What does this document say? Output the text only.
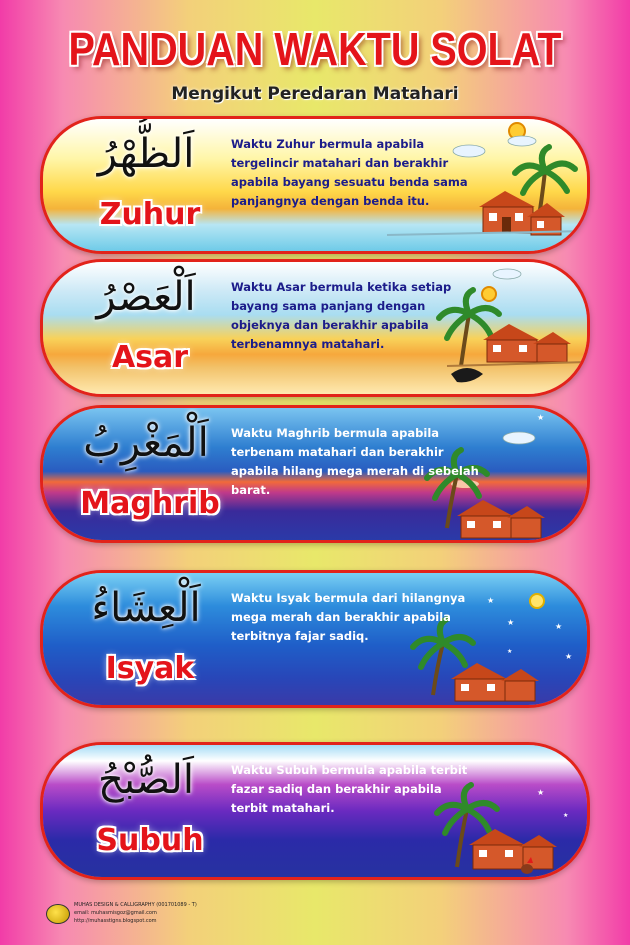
PANDUAN WAKTU SOLAT
Mengikut Peredaran Matahari
اَلظُّهْرُ
Zuhur
Waktu Zuhur bermula apabila tergelincir matahari dan berakhir apabila bayang sesuatu benda sama panjangnya dengan benda itu.
اَلْعَصْرُ
Asar
Waktu Asar bermula ketika setiap bayang sama panjang dengan objeknya dan berakhir apabila terbenamnya matahari.
★
اَلْمَغْرِبُ
Maghrib
Waktu Maghrib bermula apabila terbenam matahari dan berakhir apabila hilang mega merah di sebelah barat.
★
★	★
★
★
اَلْعِشَاءُ
Isyak
Waktu Isyak bermula dari hilangnya mega merah dan berakhir apabila terbitnya fajar sadiq.
★
★
اَلصُّبْحُ
Subuh
Waktu Subuh bermula apabila terbit fazar sadiq dan berakhir apabila terbit matahari.
MUHAS DESIGN & CALLIGRAPHY (001701089 - T)
email: muhasmisgoz@gmail.com
http://muhasstigns.blogspot.com
